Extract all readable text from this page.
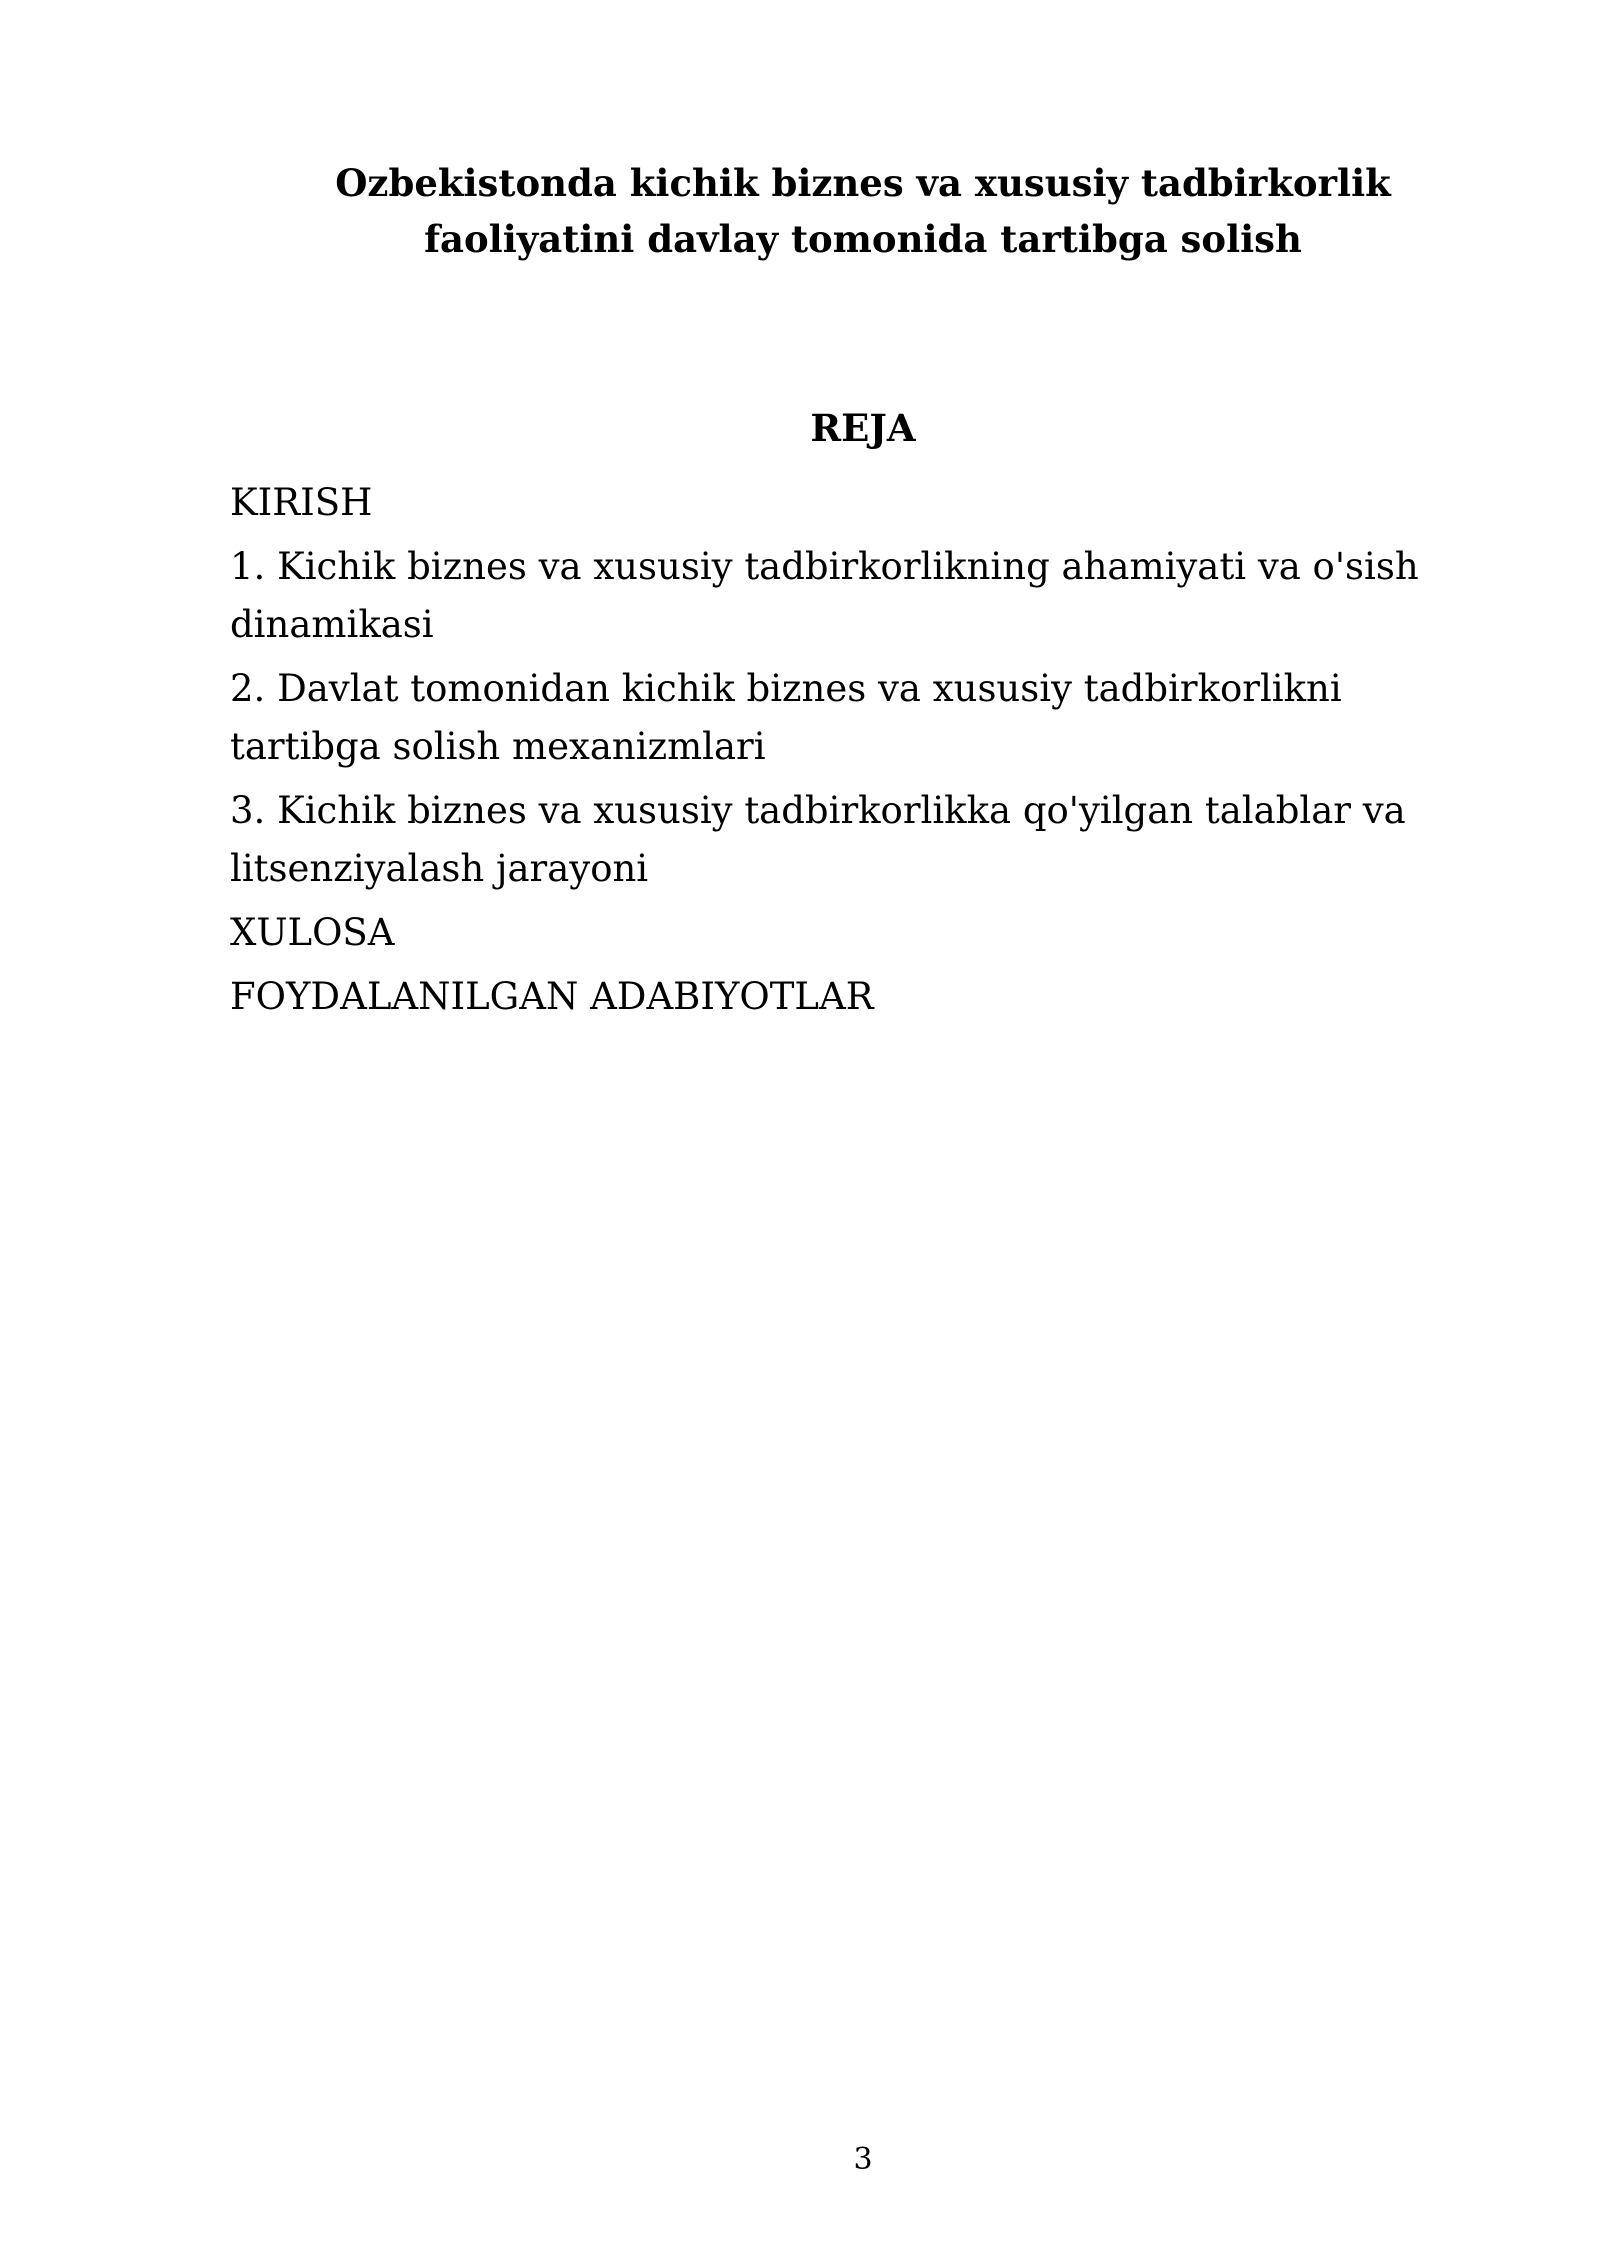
Ozbekistonda kichik biznes va xususiy tadbirkorlik faoliyatini davlay tomonida tartibga solish
REJA
KIRISH
1. Kichik biznes va xususiy tadbirkorlikning ahamiyati va o'sish dinamikasi
2. Davlat tomonidan kichik biznes va xususiy tadbirkorlikni tartibga solish mexanizmlari
3. Kichik biznes va xususiy tadbirkorlikka qo'yilgan talablar va litsenziyalash jarayoni
XULOSA
FOYDALANILGAN ADABIYOTLAR
3
